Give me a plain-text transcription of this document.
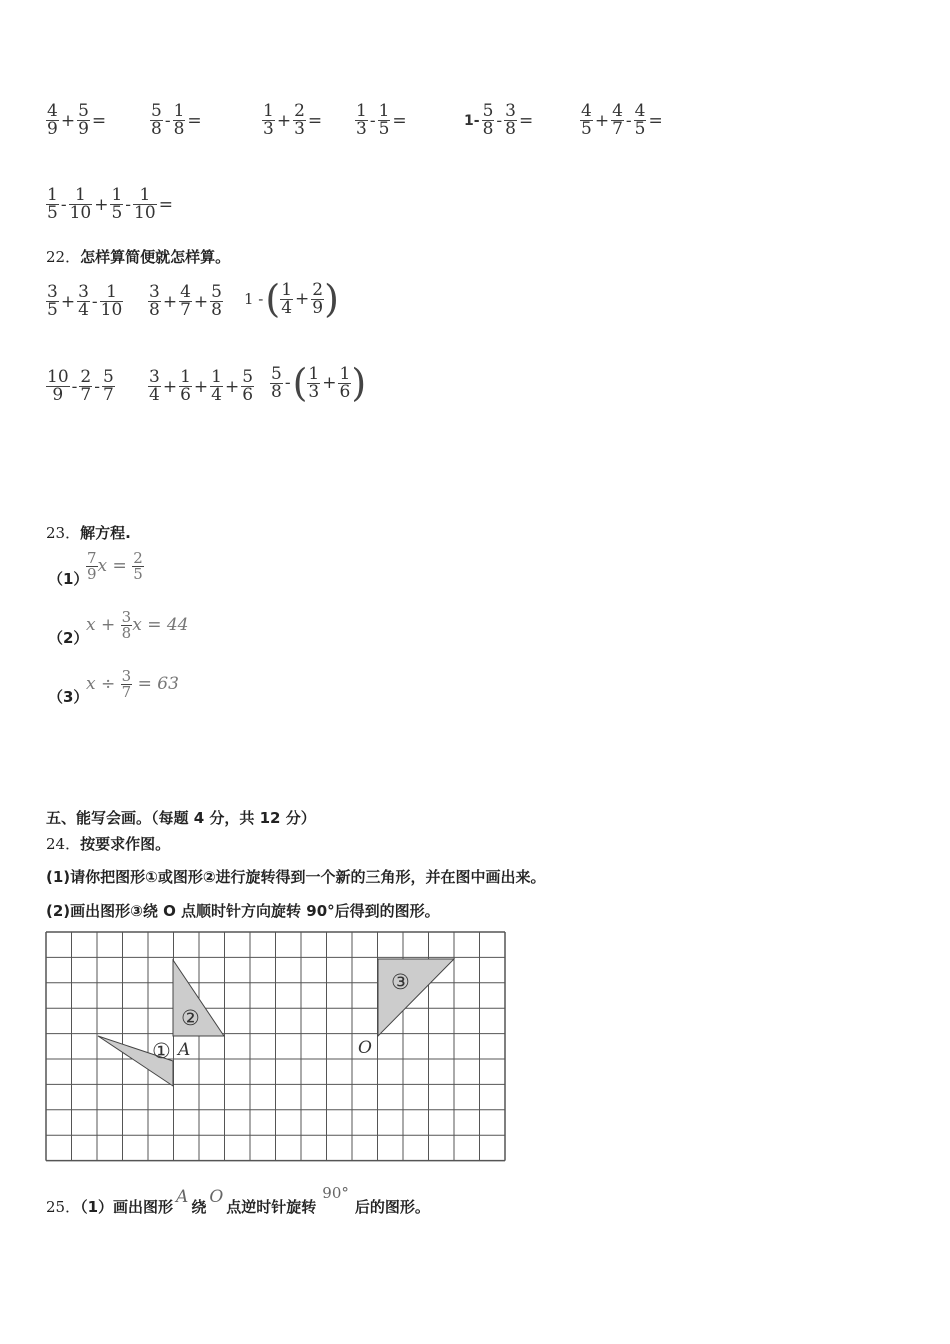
$\frac{4}{9} + \frac{5}{9}$ =	$\frac{5}{8} - \frac{1}{8}$ =	$\frac{1}{3} + \frac{2}{3} = \frac{1}{3} - \frac{1}{5}$ =	$1- \frac{5}{8} - \frac{3}{8}$ =	$\frac{4}{5} + \frac{4}{7} - \frac{4}{5}$ =
$\frac{1}{5} - \frac{1}{10} + \frac{1}{5} - \frac{1}{10}$ =
22．怎样算简便就怎样算。
$\frac{3}{5} + \frac{3}{4} - \frac{1}{10} \frac{3}{8} + \frac{4}{7} + \frac{5}{8} 1$ -( $\frac{1}{4} + \frac{2}{9}$ )
$\frac{10}{9} - \frac{2}{7} - \frac{5}{7} \frac{3}{4} + \frac{1}{6} + \frac{1}{4} + \frac{5}{6} \frac{5}{8}$ -( $\frac{1}{3} + \frac{1}{6}$ )
23．解方程.
（1）
$\frac{7}{9}$ $x = \frac{2}{5}$
（2）
$x + \frac{3}{8}$ x = 44
（3）
$x \div \frac{3}{7} = 63$
五、能写会画。（每题 4 分，共 12 分）
24．按要求作图。
(1)请你把图形①或图形②进行旋转得到一个新的三角形，并在图中画出来。
(2)画出图形③绕 O 点顺时针方向旋转 90°后得到的图形。
①
②
③
A	O
25．（1）画出图形 A 绕 O 点逆时针旋转90°后的图形。
